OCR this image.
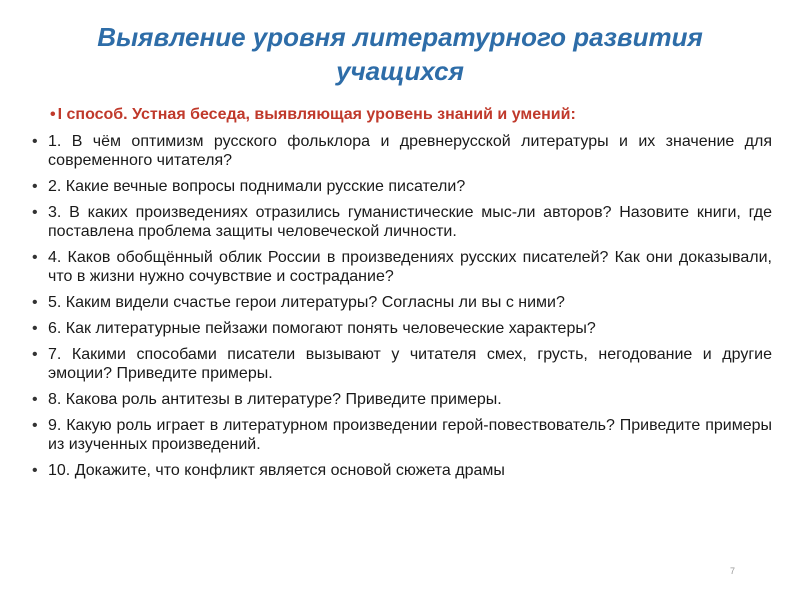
Выявление уровня литературного развития учащихся
• I способ. Устная беседа, выявляющая уровень знаний и умений:
• 1. В чём оптимизм русского фольклора и древнерусской литературы и их значение для современного читателя?
• 2. Какие вечные вопросы поднимали русские писатели?
• 3. В каких произведениях отразились гуманистические мыс-ли авторов? Назовите книги, где поставлена проблема защиты человеческой личности.
• 4. Каков обобщённый облик России в произведениях русских писателей? Как они доказывали, что в жизни нужно сочувствие и сострадание?
• 5. Каким видели счастье герои литературы? Согласны ли вы с ними?
• 6. Как литературные пейзажи помогают понять человеческие характеры?
• 7. Какими способами писатели вызывают у читателя смех, грусть, негодование и другие эмоции? Приведите примеры.
• 8. Какова роль антитезы в литературе? Приведите примеры.
• 9. Какую роль играет в литературном произведении герой-повествователь? Приведите примеры из изученных произведений.
• 10. Докажите, что конфликт является основой сюжета драмы
7
